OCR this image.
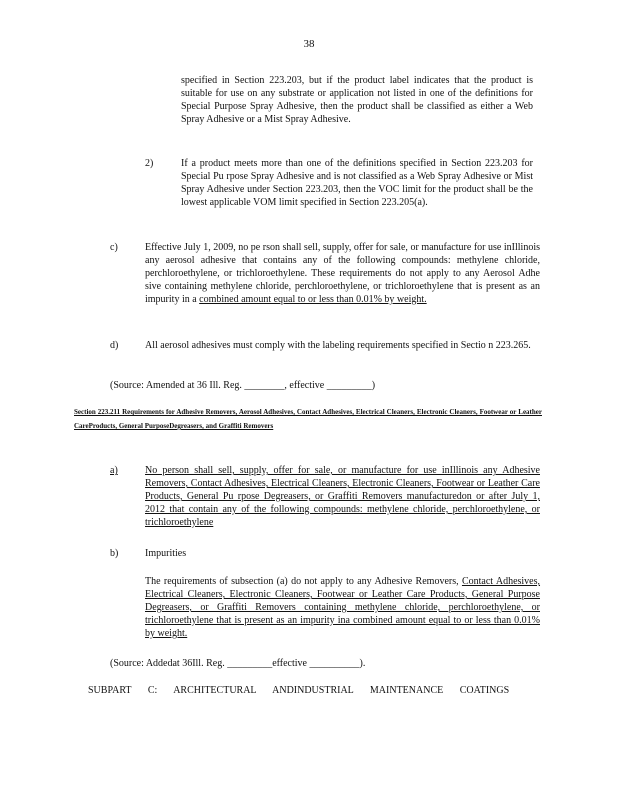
38

specified in Section 223.203, but if the product label indicates that the product is suitable for use on any substrate or application not listed in one of the definitions for Special Purpose Spray Adhesive, then the product shall be classified as either a Web Spray Adhesive or a Mist Spray Adhesive.

2)	If a product meets more than one of the definitions specified in Section 223.203 for Special Pu rpose Spray Adhesive and is not classified as a Web Spray Adhesive or Mist Spray Adhesive under Section 223.203, then the VOC limit for the product shall be the lowest applicable VOM limit specified in Section 223.205(a).

c)	Effective July 1, 2009, no pe rson shall sell, supply, offer for sale, or manufacture for use inIllinois any aerosol adhesive that contains any of the following compounds: methylene chloride, perchloroethylene, or trichloroethylene. These requirements do not apply to any Aerosol Adhe sive containing methylene chloride, perchloroethylene, or trichloroethylene that is present as an impurity in a combined amount equal to or less than 0.01% by weight.

d)	All aerosol adhesives must comply with the labeling requirements specified in Sectio n 223.265.

(Source: Amended at 36 Ill. Reg. ________, effective _________)

Section 223.211 Requirements for Adhesive Removers, Aerosol Adhesives, Contact Adhesives, Electrical Cleaners, Electronic Cleaners, Footwear or Leather CareProducts, General PurposeDegreasers, and Graffiti Removers

a)	No person shall sell, supply, offer for sale, or manufacture for use inIllinois any Adhesive Removers, Contact Adhesives, Electrical Cleaners, Electronic Cleaners, Footwear or Leather Care Products, General Pu rpose Degreasers, or Graffiti Removers manufacturedon or after July 1, 2012 that contain any of the following compounds: methylene chloride, perchloroethylene, or trichloroethylene

b)	Impurities

The requirements of subsection (a) do not apply to any Adhesive Removers, Contact Adhesives, Electrical Cleaners, Electronic Cleaners, Footwear or Leather Care Products, General Purpose Degreasers, or Graffiti Removers containing methylene chloride, perchloroethylene, or trichloroethylene that is present as an impurity ina combined amount equal to or less than 0.01% by weight.

(Source: Addedat 36Ill. Reg. _________effective __________).

SUBPART C: ARCHITECTURAL ANDINDUSTRIAL MAINTENANCE COATINGS
